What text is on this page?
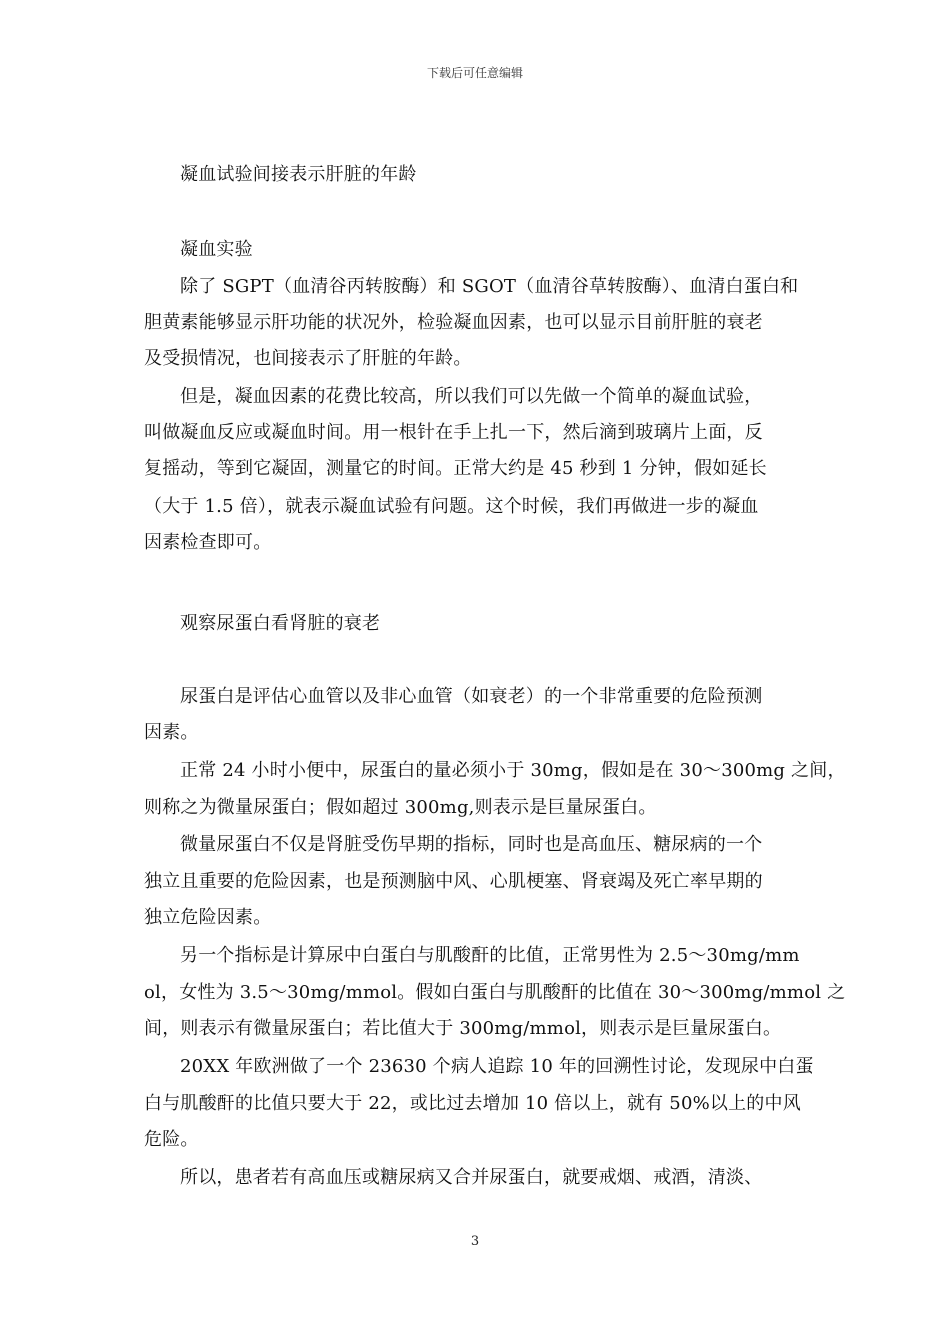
下载后可任意编辑
凝血试验间接表示肝脏的年龄
凝血实验
除了 SGPT（血清谷丙转胺酶）和 SGOT（血清谷草转胺酶）、血清白蛋白和
胆黄素能够显示肝功能的状况外，检验凝血因素，也可以显示目前肝脏的衰老
及受损情况，也间接表示了肝脏的年龄。
但是，凝血因素的花费比较高，所以我们可以先做一个简单的凝血试验，
叫做凝血反应或凝血时间。用一根针在手上扎一下，然后滴到玻璃片上面，反
复摇动，等到它凝固，测量它的时间。正常大约是 45 秒到 1 分钟，假如延长
（大于 1.5 倍），就表示凝血试验有问题。这个时候，我们再做进一步的凝血
因素检查即可。
观察尿蛋白看肾脏的衰老
尿蛋白是评估心血管以及非心血管（如衰老）的一个非常重要的危险预测
因素。
正常 24 小时小便中，尿蛋白的量必须小于 30mg，假如是在 30～300mg 之间，
则称之为微量尿蛋白；假如超过 300mg,则表示是巨量尿蛋白。
微量尿蛋白不仅是肾脏受伤早期的指标，同时也是高血压、糖尿病的一个
独立且重要的危险因素，也是预测脑中风、心肌梗塞、肾衰竭及死亡率早期的
独立危险因素。
另一个指标是计算尿中白蛋白与肌酸酐的比值，正常男性为 2.5～30mg/mm
ol，女性为 3.5～30mg/mmol。假如白蛋白与肌酸酐的比值在 30～300mg/mmol 之
间，则表示有微量尿蛋白；若比值大于 300mg/mmol，则表示是巨量尿蛋白。
20XX 年欧洲做了一个 23630 个病人追踪 10 年的回溯性讨论，发现尿中白蛋
白与肌酸酐的比值只要大于 22，或比过去增加 10 倍以上，就有 50%以上的中风
危险。
所以，患者若有高血压或糖尿病又合并尿蛋白，就要戒烟、戒酒，清淡、
3
